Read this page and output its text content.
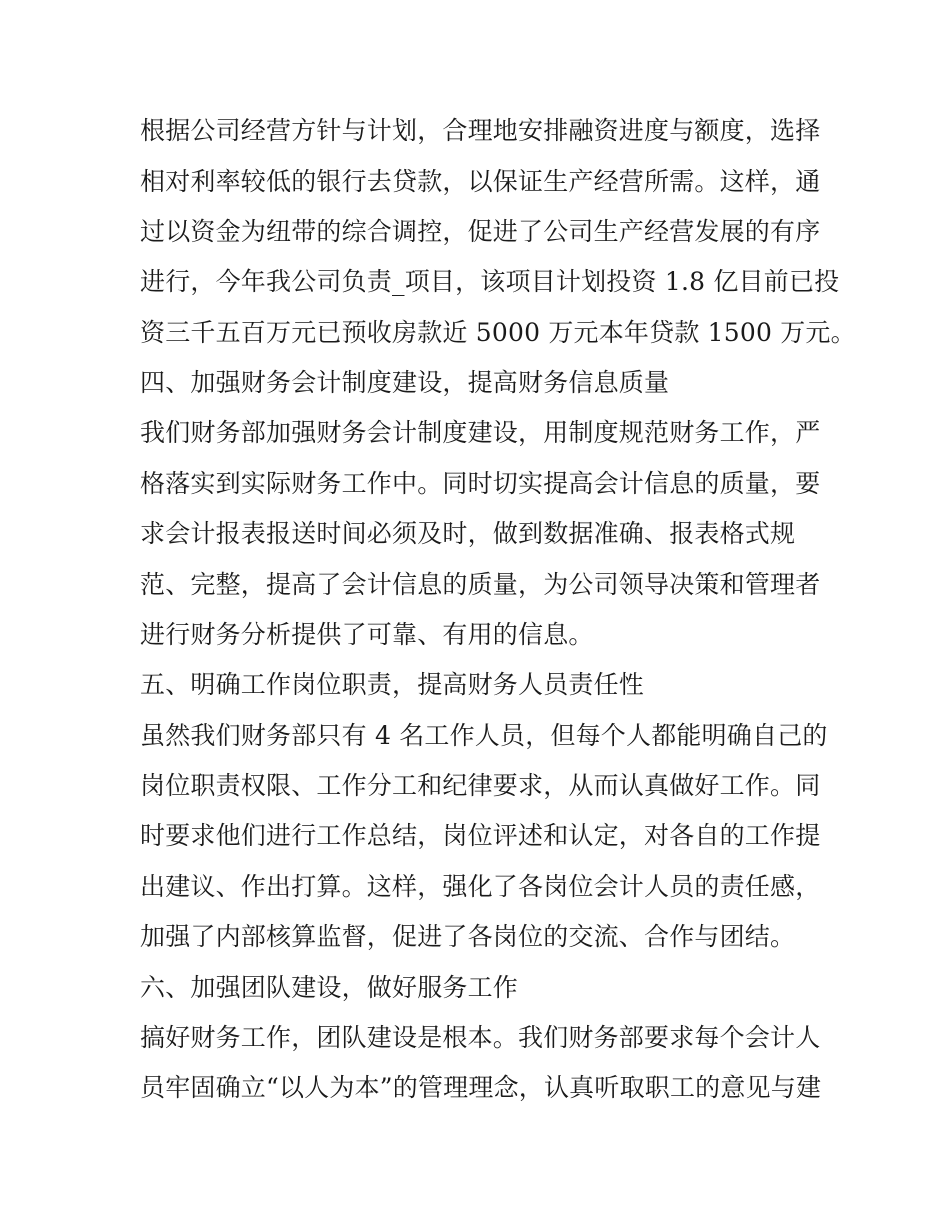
根据公司经营方针与计划，合理地安排融资进度与额度，选择
相对利率较低的银行去贷款，以保证生产经营所需。这样，通
过以资金为纽带的综合调控，促进了公司生产经营发展的有序
进行，今年我公司负责_项目，该项目计划投资 1.8 亿目前已投
资三千五百万元已预收房款近 5000 万元本年贷款 1500 万元。
四、加强财务会计制度建设，提高财务信息质量
我们财务部加强财务会计制度建设，用制度规范财务工作，严
格落实到实际财务工作中。同时切实提高会计信息的质量，要
求会计报表报送时间必须及时，做到数据准确、报表格式规
范、完整，提高了会计信息的质量，为公司领导决策和管理者
进行财务分析提供了可靠、有用的信息。
五、明确工作岗位职责，提高财务人员责任性
虽然我们财务部只有 4 名工作人员，但每个人都能明确自己的
岗位职责权限、工作分工和纪律要求，从而认真做好工作。同
时要求他们进行工作总结，岗位评述和认定，对各自的工作提
出建议、作出打算。这样，强化了各岗位会计人员的责任感，
加强了内部核算监督，促进了各岗位的交流、合作与团结。
六、加强团队建设，做好服务工作
搞好财务工作，团队建设是根本。我们财务部要求每个会计人
员牢固确立“以人为本”的管理理念，认真听取职工的意见与建
